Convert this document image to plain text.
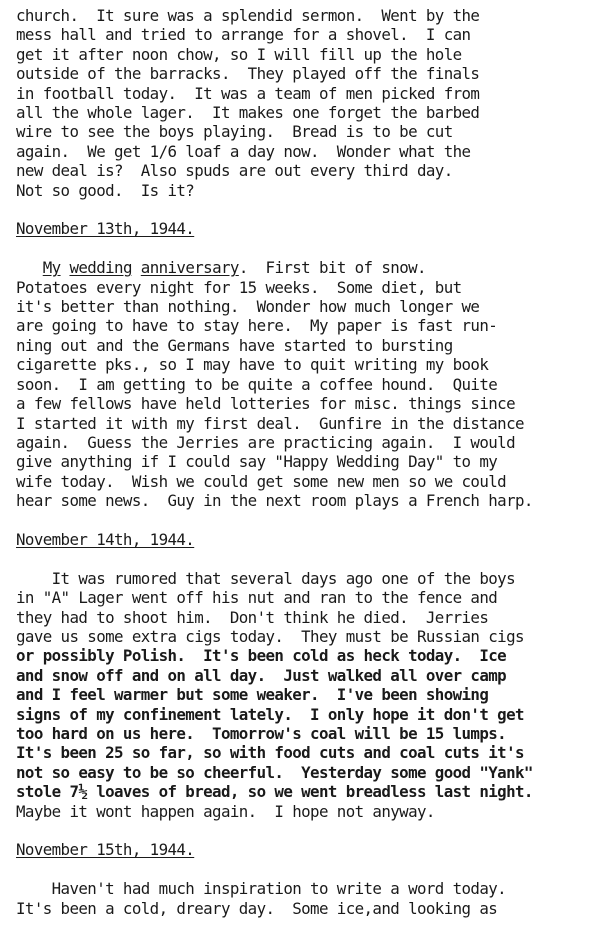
church.  It sure was a splendid sermon.  Went by the
mess hall and tried to arrange for a shovel.  I can
get it after noon chow, so I will fill up the hole
outside of the barracks.  They played off the finals
in football today.  It was a team of men picked from
all the whole lager.  It makes one forget the barbed
wire to see the boys playing.  Bread is to be cut
again.  We get 1/6 loaf a day now.  Wonder what the
new deal is?  Also spuds are out every third day.
Not so good.  Is it?
November 13th, 1944.
My wedding anniversary.  First bit of snow.
Potatoes every night for 15 weeks.  Some diet, but
it's better than nothing.  Wonder how much longer we
are going to have to stay here.  My paper is fast run-
ning out and the Germans have started to bursting
cigarette pks., so I may have to quit writing my book
soon.  I am getting to be quite a coffee hound.  Quite
a few fellows have held lotteries for misc. things since
I started it with my first deal.  Gunfire in the distance
again.  Guess the Jerries are practicing again.  I would
give anything if I could say "Happy Wedding Day" to my
wife today.  Wish we could get some new men so we could
hear some news.  Guy in the next room plays a French harp.
November 14th, 1944.
It was rumored that several days ago one of the boys
in "A" Lager went off his nut and ran to the fence and
they had to shoot him.  Don't think he died.  Jerries
gave us some extra cigs today.  They must be Russian cigs
or possibly Polish.  It's been cold as heck today.  Ice
and snow off and on all day.  Just walked all over camp
and I feel warmer but some weaker.  I've been showing
signs of my confinement lately.  I only hope it don't get
too hard on us here.  Tomorrow's coal will be 15 lumps.
It's been 25 so far, so with food cuts and coal cuts it's
not so easy to be so cheerful.  Yesterday some good "Yank"
stole 7½ loaves of bread, so we went breadless last night.
Maybe it wont happen again.  I hope not anyway.
November 15th, 1944.
Haven't had much inspiration to write a word today.
It's been a cold, dreary day.  Some ice,and looking as
